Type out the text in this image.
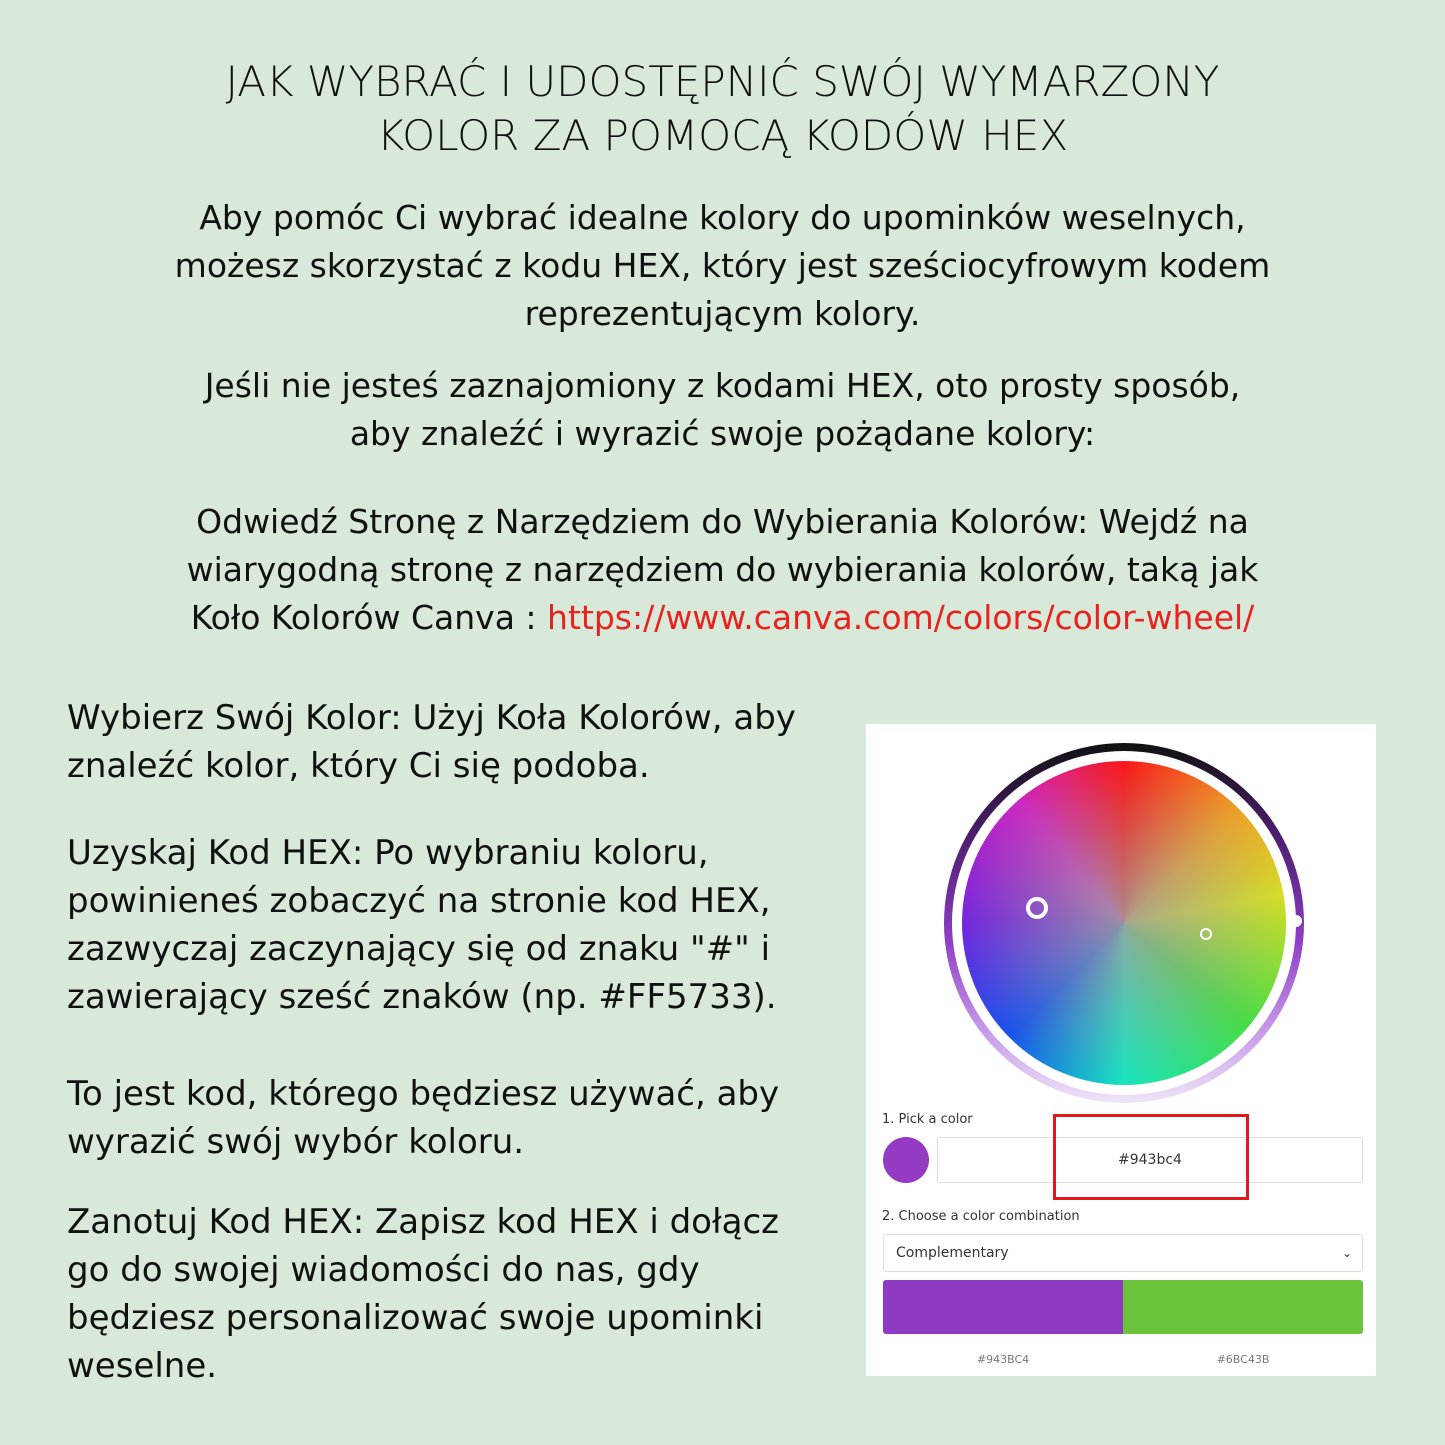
JAK WYBRAĆ I UDOSTĘPNIĆ SWÓJ WYMARZONY
KOLOR ZA POMOCĄ KODÓW HEX
Aby pomóc Ci wybrać idealne kolory do upominków weselnych,
możesz skorzystać z kodu HEX, który jest sześciocyfrowym kodem
reprezentującym kolory.
Jeśli nie jesteś zaznajomiony z kodami HEX, oto prosty sposób,
aby znaleźć i wyrazić swoje pożądane kolory:
Odwiedź Stronę z Narzędziem do Wybierania Kolorów: Wejdź na
wiarygodną stronę z narzędziem do wybierania kolorów, taką jak
Koło Kolorów Canva : https://www.canva.com/colors/color-wheel/
Wybierz Swój Kolor: Użyj Koła Kolorów, aby
znaleźć kolor, który Ci się podoba.
Uzyskaj Kod HEX: Po wybraniu koloru,
powinieneś zobaczyć na stronie kod HEX,
zazwyczaj zaczynający się od znaku "#" i
zawierający sześć znaków (np. #FF5733).
To jest kod, którego będziesz używać, aby
wyrazić swój wybór koloru.
Zanotuj Kod HEX: Zapisz kod HEX i dołącz
go do swojej wiadomości do nas, gdy
będziesz personalizować swoje upominki
weselne.
1. Pick a color
#943bc4
2. Choose a color combination
Complementary	⌄
#943BC4	#6BC43B
